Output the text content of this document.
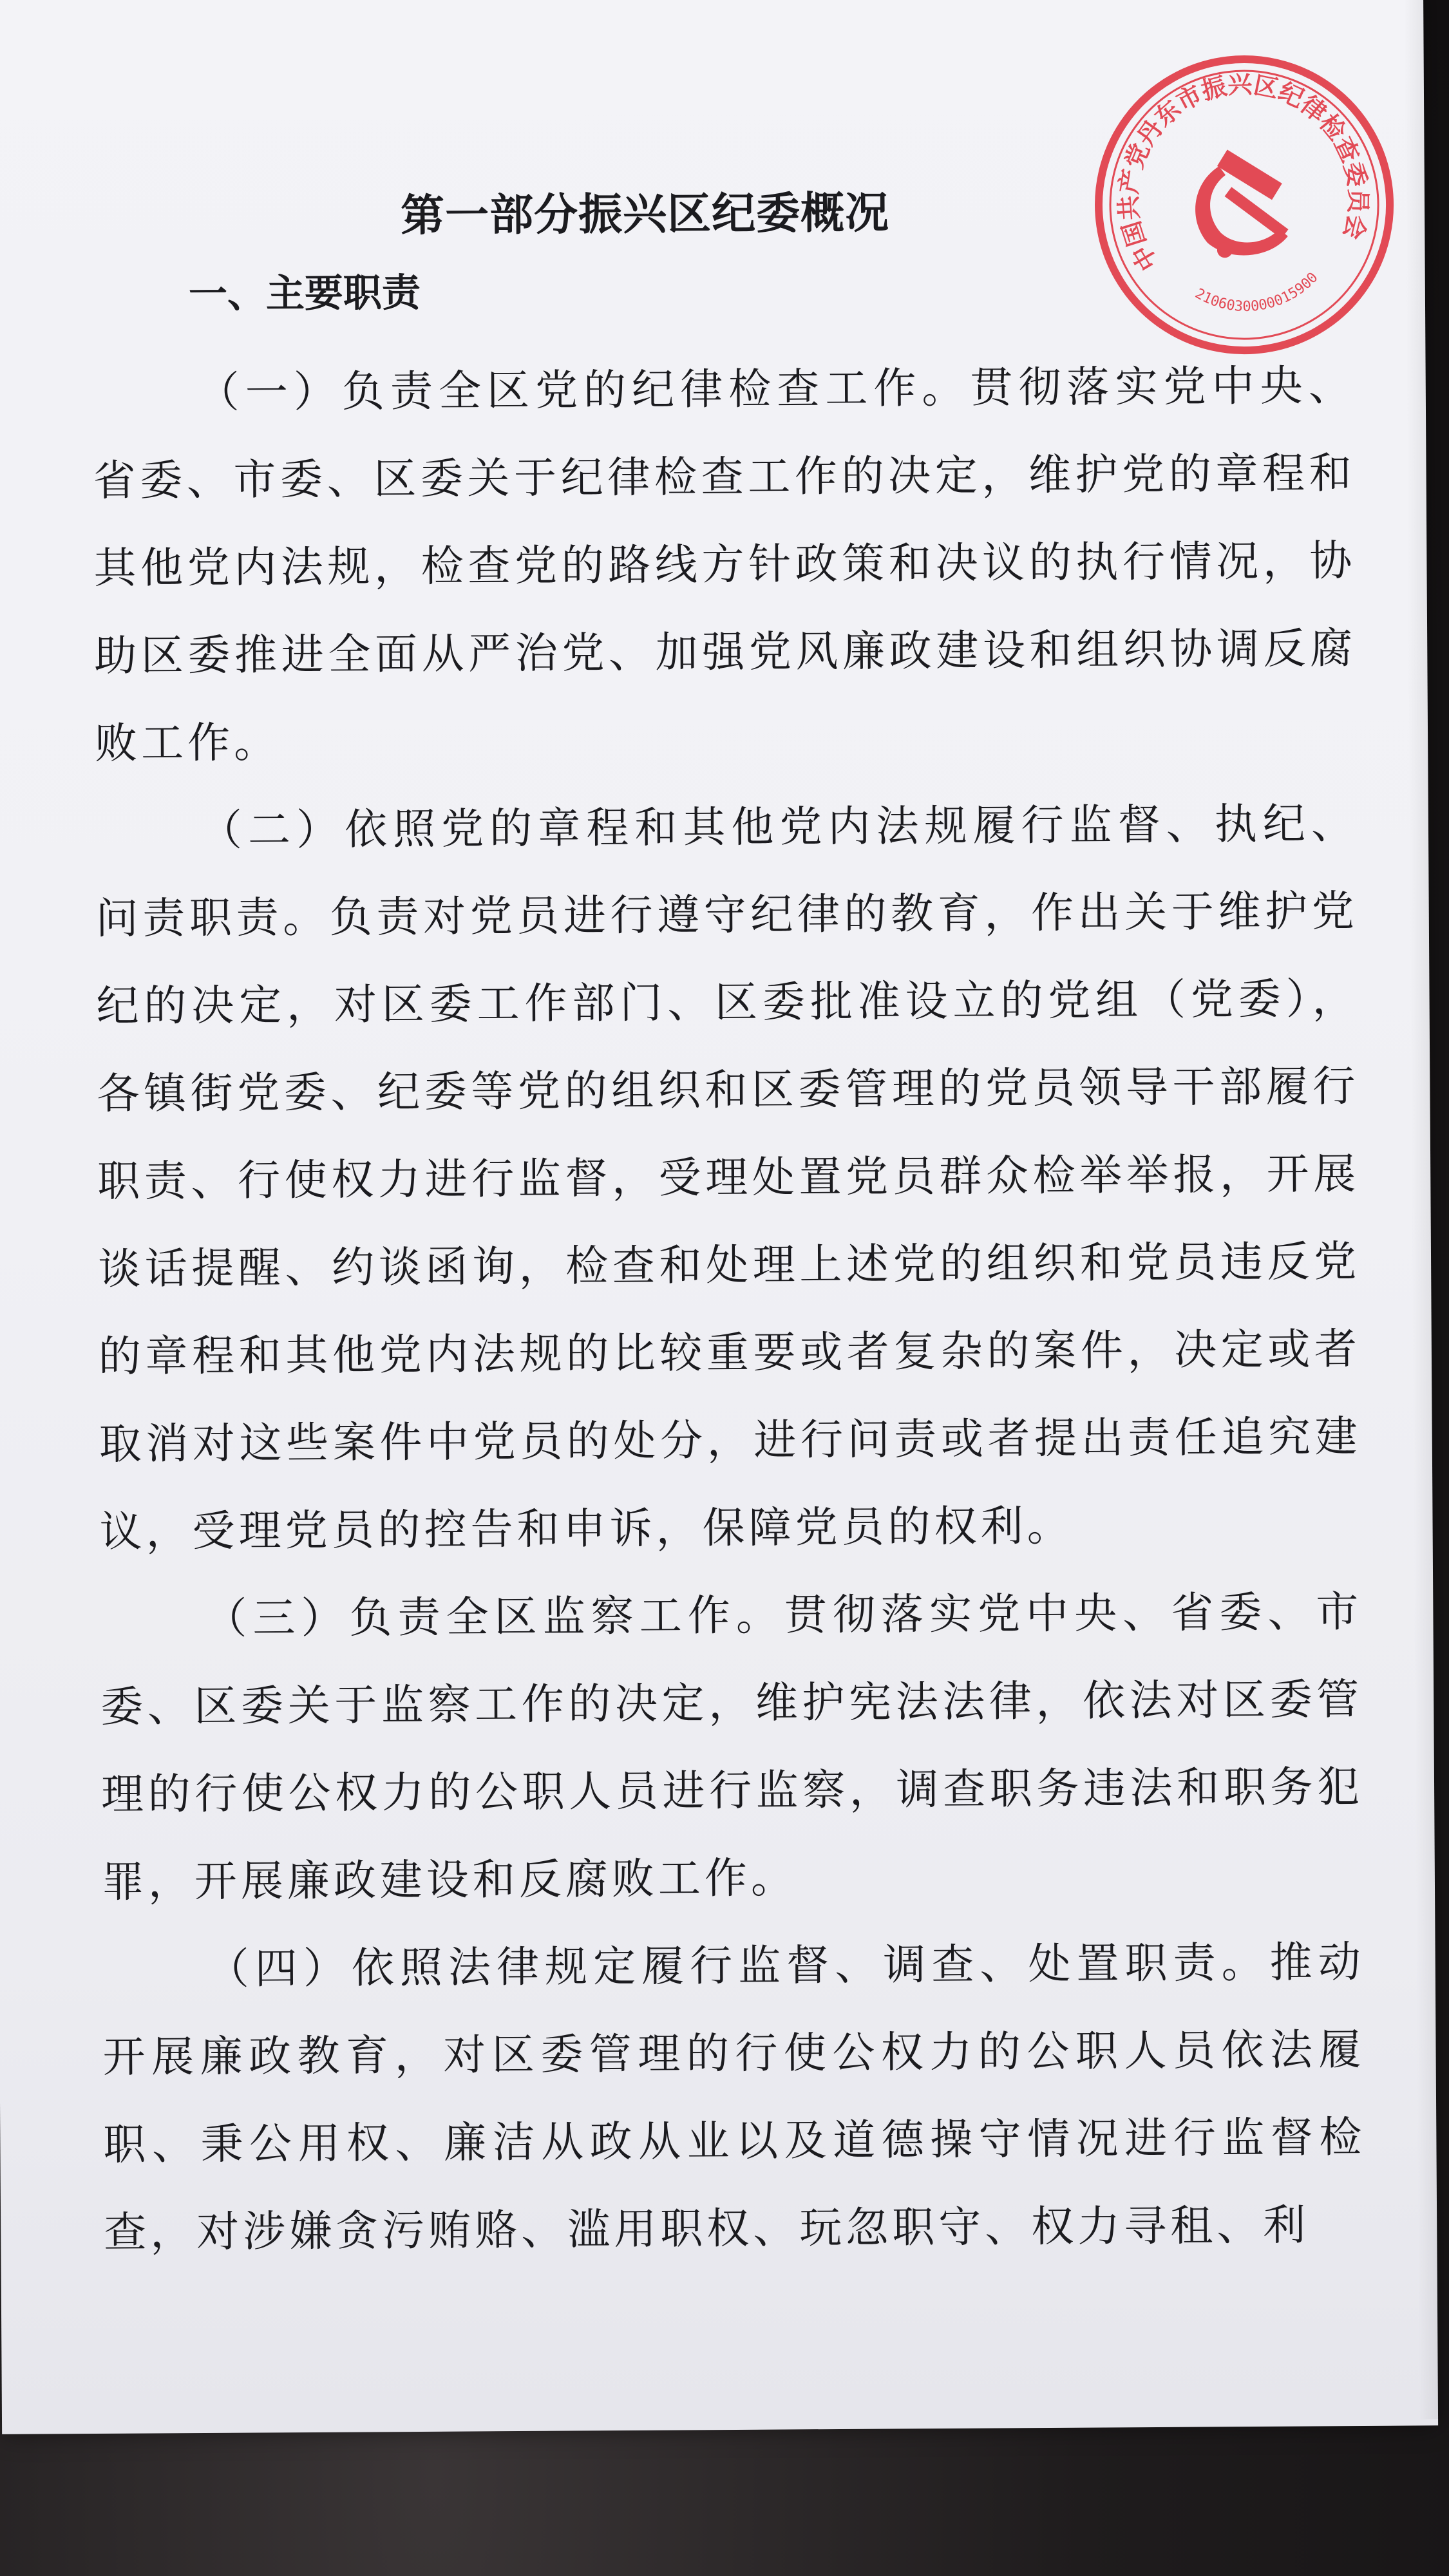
中国共产党丹东市振兴区纪律检查委员会
2106030000015900
第一部分振兴区纪委概况
一、主要职责

（一）负责全区党的纪律检查工作。贯彻落实党中央、省委、市委、区委关于纪律检查工作的决定，维护党的章程和其他党内法规，检查党的路线方针政策和决议的执行情况，协助区委推进全面从严治党、加强党风廉政建设和组织协调反腐败工作。

（二）依照党的章程和其他党内法规履行监督、执纪、问责职责。负责对党员进行遵守纪律的教育，作出关于维护党纪的决定，对区委工作部门、区委批准设立的党组（党委），各镇街党委、纪委等党的组织和区委管理的党员领导干部履行职责、行使权力进行监督，受理处置党员群众检举举报，开展谈话提醒、约谈函询，检查和处理上述党的组织和党员违反党的章程和其他党内法规的比较重要或者复杂的案件，决定或者取消对这些案件中党员的处分，进行问责或者提出责任追究建议，受理党员的控告和申诉，保障党员的权利。

（三）负责全区监察工作。贯彻落实党中央、省委、市委、区委关于监察工作的决定，维护宪法法律，依法对区委管理的行使公权力的公职人员进行监察，调查职务违法和职务犯罪，开展廉政建设和反腐败工作。

（四）依照法律规定履行监督、调查、处置职责。推动开展廉政教育，对区委管理的行使公权力的公职人员依法履职、秉公用权、廉洁从政从业以及道德操守情况进行监督检查，对涉嫌贪污贿赂、滥用职权、玩忽职守、权力寻租、利
